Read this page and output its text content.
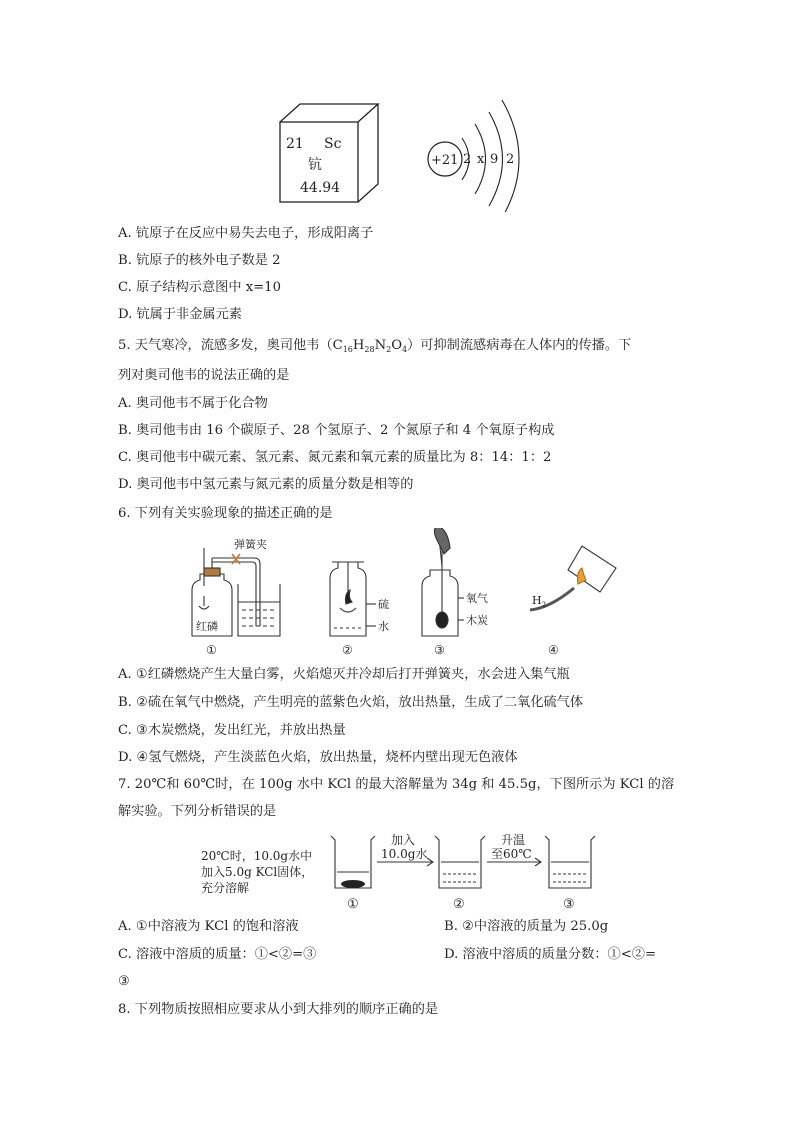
21 Sc
钪
44.94
+21 2 x 9 2
A. 钪原子在反应中易失去电子，形成阳离子
B. 钪原子的核外电子数是 2
C. 原子结构示意图中 x=10
D. 钪属于非金属元素
5. 天气寒冷，流感多发，奥司他韦$(C_{16}H_{28}N_2O_4)$可抑制流感病毒在人体内的传播。下
列对奥司他韦的说法正确的是
A. 奥司他韦不属于化合物
B. 奥司他韦由 16 个碳原子、28 个氢原子、2 个氮原子和 4 个氧原子构成
C. 奥司他韦中碳元素、氢元素、氮元素和氧元素的质量比为 8：14：1：2
D. 奥司他韦中氢元素与氮元素的质量分数是相等的
6. 下列有关实验现象的描述正确的是
弹簧夹
红磷
硫
水
氧气
木炭
$H_2$
①	②	③	④
A. ①红磷燃烧产生大量白雾，火焰熄灭并冷却后打开弹簧夹，水会进入集气瓶
B. ②硫在氧气中燃烧，产生明亮的蓝紫色火焰，放出热量，生成了二氧化硫气体
C. ③木炭燃烧，发出红光，并放出热量
D. ④氢气燃烧，产生淡蓝色火焰，放出热量，烧杯内壁出现无色液体
7. 20℃和 60℃时，在 100g 水中 KCl 的最大溶解量为 34g 和 45.5g，下图所示为 KCl 的溶
解实验。下列分析错误的是
20℃时，10.0g水中
加入5.0g KCl固体，
充分溶解
加入
10.0g水
升温
至60℃
①	②	③
A. ①中溶液为 KCl 的饱和溶液	B. ②中溶液的质量为 25.0g
C. 溶液中溶质的质量：①<②=③	D. 溶液中溶质的质量分数：①<②=
③
8. 下列物质按照相应要求从小到大排列的顺序正确的是
